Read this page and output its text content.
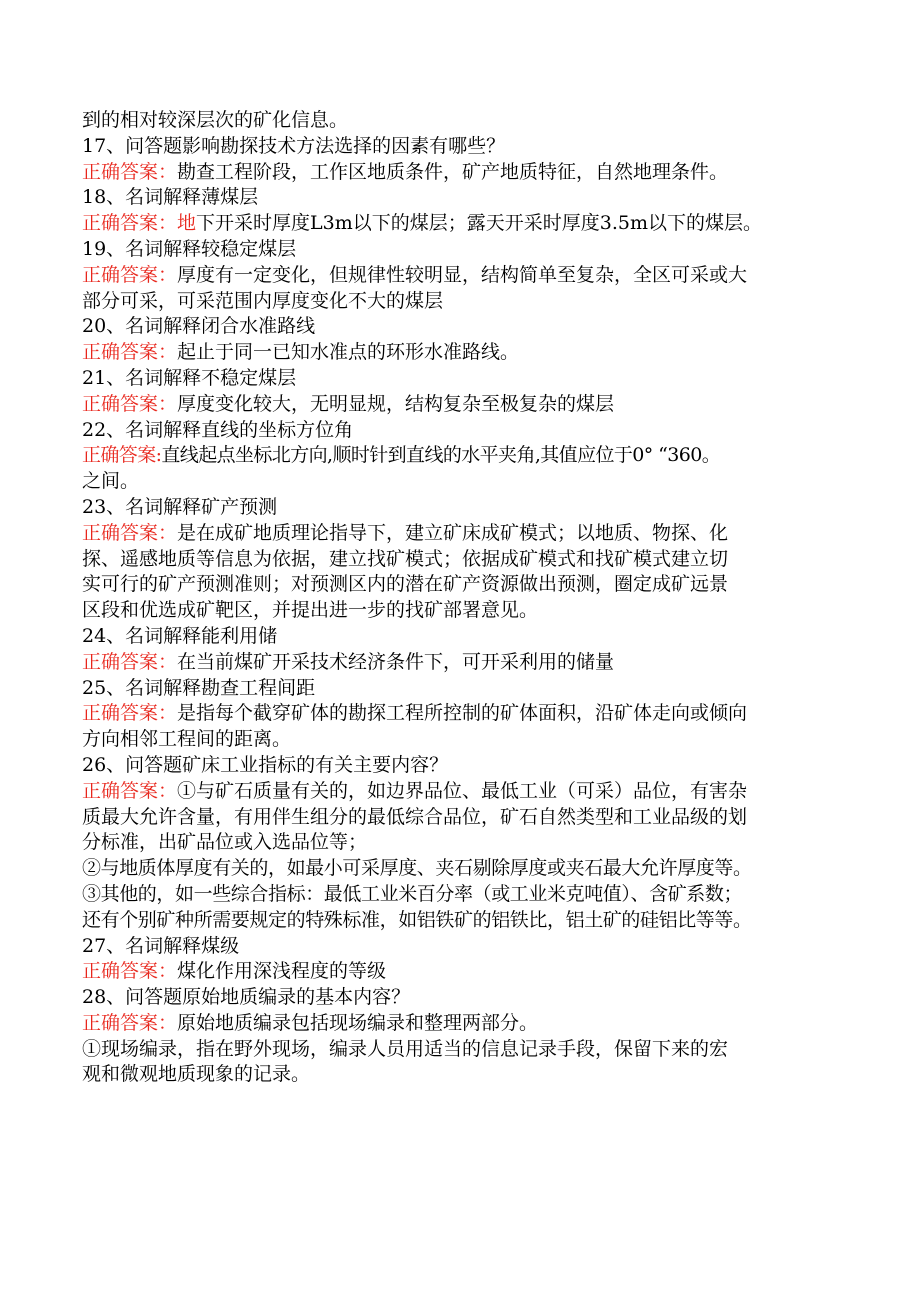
到的相对较深层次的矿化信息。
17、问答题影响勘探技术方法选择的因素有哪些？
正确答案：勘查工程阶段，工作区地质条件，矿产地质特征，自然地理条件。
18、名词解释薄煤层
正确答案：地下开采时厚度L3m以下的煤层；露天开采时厚度3.5m以下的煤层。
19、名词解释较稳定煤层
正确答案：厚度有一定变化，但规律性较明显，结构简单至复杂，全区可采或大
部分可采，可采范围内厚度变化不大的煤层
20、名词解释闭合水准路线
正确答案：起止于同一已知水准点的环形水准路线。
21、名词解释不稳定煤层
正确答案：厚度变化较大，无明显规，结构复杂至极复杂的煤层
22、名词解释直线的坐标方位角
正确答案:直线起点坐标北方向,顺时针到直线的水平夹角,其值应位于0° “360。
之间。
23、名词解释矿产预测
正确答案：是在成矿地质理论指导下，建立矿床成矿模式；以地质、物探、化
探、遥感地质等信息为依据，建立找矿模式；依据成矿模式和找矿模式建立切
实可行的矿产预测准则；对预测区内的潜在矿产资源做出预测，圈定成矿远景
区段和优选成矿靶区，并提出进一步的找矿部署意见。
24、名词解释能利用储
正确答案：在当前煤矿开采技术经济条件下，可开采利用的储量
25、名词解释勘查工程间距
正确答案：是指每个截穿矿体的勘探工程所控制的矿体面积，沿矿体走向或倾向
方向相邻工程间的距离。
26、问答题矿床工业指标的有关主要内容？
正确答案：①与矿石质量有关的，如边界品位、最低工业（可采）品位，有害杂
质最大允许含量，有用伴生组分的最低综合品位，矿石自然类型和工业品级的划
分标准，出矿品位或入选品位等；
②与地质体厚度有关的，如最小可采厚度、夹石剔除厚度或夹石最大允许厚度等。
③其他的，如一些综合指标：最低工业米百分率（或工业米克吨值）、含矿系数；
还有个别矿种所需要规定的特殊标准，如铝铁矿的铝铁比，铝土矿的硅铝比等等。
27、名词解释煤级
正确答案：煤化作用深浅程度的等级
28、问答题原始地质编录的基本内容？
正确答案：原始地质编录包括现场编录和整理两部分。
①现场编录，指在野外现场，编录人员用适当的信息记录手段，保留下来的宏
观和微观地质现象的记录。
